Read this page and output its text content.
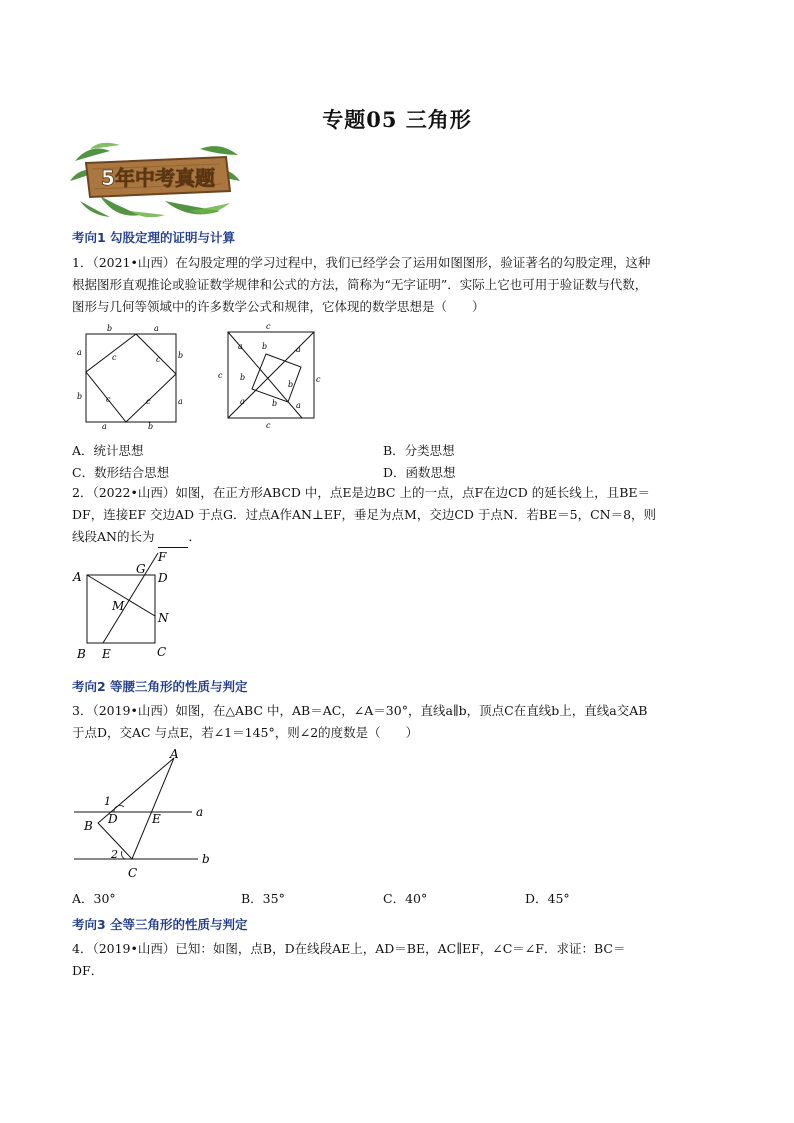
专题05 三角形
5年中考真题
考向1 勾股定理的证明与计算
1．（2021•山西）在勾股定理的学习过程中，我们已经学会了运用如图图形，验证著名的勾股定理，这种
根据图形直观推论或验证数学规律和公式的方法，简称为“无字证明”．实际上它也可用于验证数与代数，
图形与几何等领域中的许多数学公式和规律，它体现的数学思想是（　　）
b	a
a
b
b
a
a	b
c	c
c	c
c
c	c
c
a b	a
b
b
a	b a
A．统计思想	B．分类思想
C．数形结合思想	D．函数思想
2．（2022•山西）如图，在正方形ABCD 中，点E是边BC 上的一点，点F在边CD 的延长线上，且BE＝
DF，连接EF 交边AD 于点G．过点A作AN⊥EF，垂足为点M，交边CD 于点N．若BE＝5，CN＝8，则
线段AN的长为	．
A
B	C
D
E
F
G
M
N
考向2 等腰三角形的性质与判定
3．（2019•山西）如图，在△ABC 中，AB＝AC，∠A＝30°，直线a∥b，顶点C在直线b上，直线a交AB
于点D，交AC 与点E，若∠1＝145°，则∠2的度数是（　　）
A
B
C
D	E	a
b
1
2
A．30°	B．35°	C．40°	D．45°
考向3 全等三角形的性质与判定
4．（2019•山西）已知：如图，点B，D在线段AE上，AD＝BE，AC∥EF，∠C＝∠F．求证：BC＝
DF．
